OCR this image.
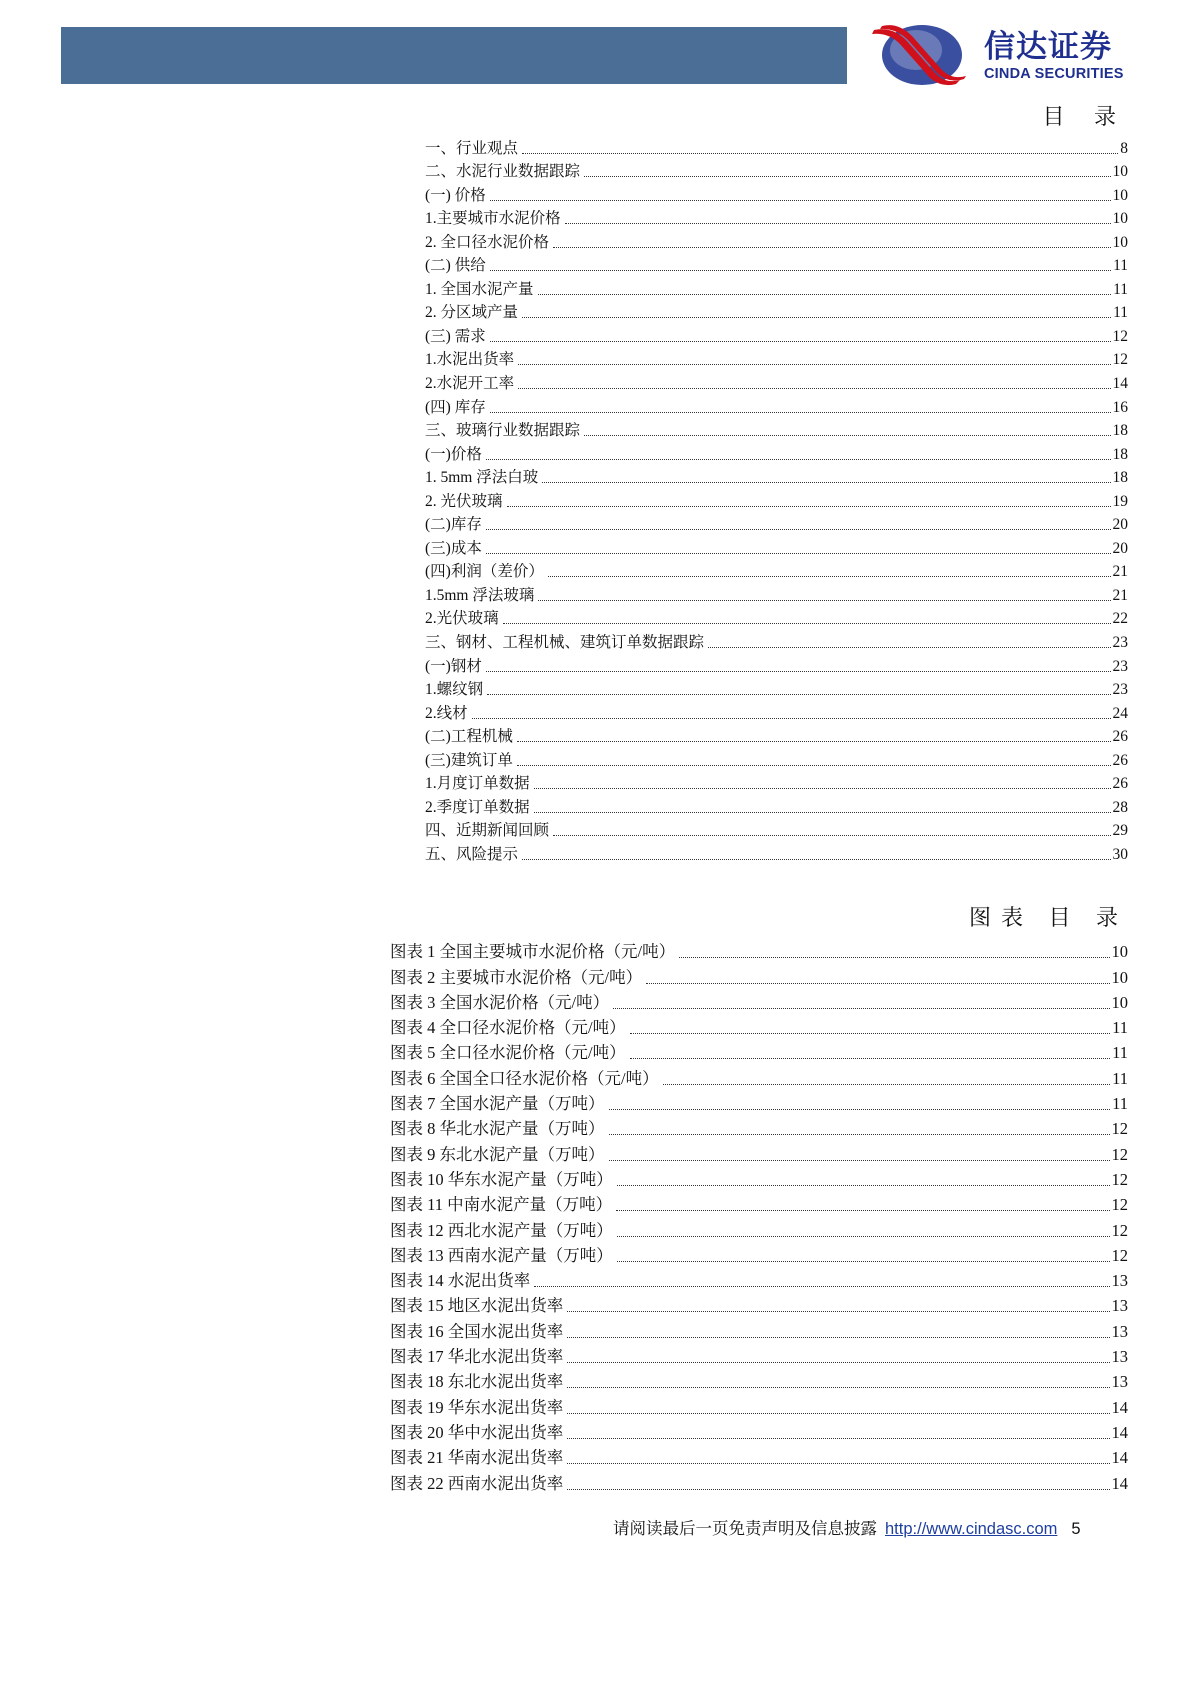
信达证券
CINDA SECURITIES
目 录
一、行业观点	8
二、水泥行业数据跟踪	10
(一) 价格	10
1.主要城市水泥价格	10
2. 全口径水泥价格	10
(二) 供给	11
1. 全国水泥产量	11
2. 分区域产量	11
(三) 需求	12
1.水泥出货率	12
2.水泥开工率	14
(四) 库存	16
三、玻璃行业数据跟踪	18
(一)价格	18
1. 5mm 浮法白玻	18
2. 光伏玻璃	19
(二)库存	20
(三)成本	20
(四)利润（差价）	21
1.5mm 浮法玻璃	21
2.光伏玻璃	22
三、钢材、工程机械、建筑订单数据跟踪	23
(一)钢材	23
1.螺纹钢	23
2.线材	24
(二)工程机械	26
(三)建筑订单	26
1.月度订单数据	26
2.季度订单数据	28
四、近期新闻回顾	29
五、风险提示	30
图表 目 录
图表 1 全国主要城市水泥价格（元/吨）	10
图表 2 主要城市水泥价格（元/吨）	10
图表 3 全国水泥价格（元/吨）	10
图表 4 全口径水泥价格（元/吨）	11
图表 5 全口径水泥价格（元/吨）	11
图表 6 全国全口径水泥价格（元/吨）	11
图表 7 全国水泥产量（万吨）	11
图表 8 华北水泥产量（万吨）	12
图表 9 东北水泥产量（万吨）	12
图表 10 华东水泥产量（万吨）	12
图表 11 中南水泥产量（万吨）	12
图表 12 西北水泥产量（万吨）	12
图表 13 西南水泥产量（万吨）	12
图表 14 水泥出货率	13
图表 15 地区水泥出货率	13
图表 16 全国水泥出货率	13
图表 17 华北水泥出货率	13
图表 18 东北水泥出货率	13
图表 19 华东水泥出货率	14
图表 20 华中水泥出货率	14
图表 21 华南水泥出货率	14
图表 22 西南水泥出货率	14
请阅读最后一页免责声明及信息披露 http://www.cindasc.com 5
